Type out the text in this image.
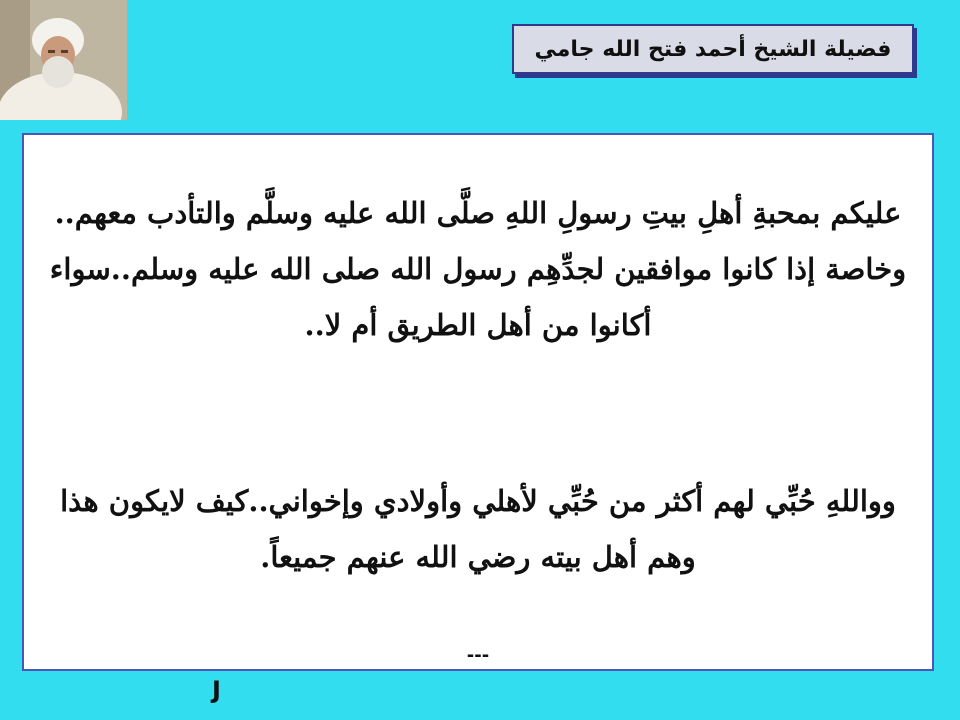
فضيلة الشيخ أحمد فتح الله جامي
عليكم بمحبةِ أهلِ بيتِ رسولِ اللهِ صلَّى الله عليه وسلَّم والتأدب معهم.. وخاصة إذا كانوا موافقين لجدِّهِم رسول الله صلى الله عليه وسلم..سواء أكانوا من أهل الطريق أم لا..
وواللهِ حُبِّي لهم أكثر من حُبِّي لأهلي وأولادي وإخواني..كيف لايكون هذا وهم أهل بيته رضي الله عنهم جميعاً.
---
J
